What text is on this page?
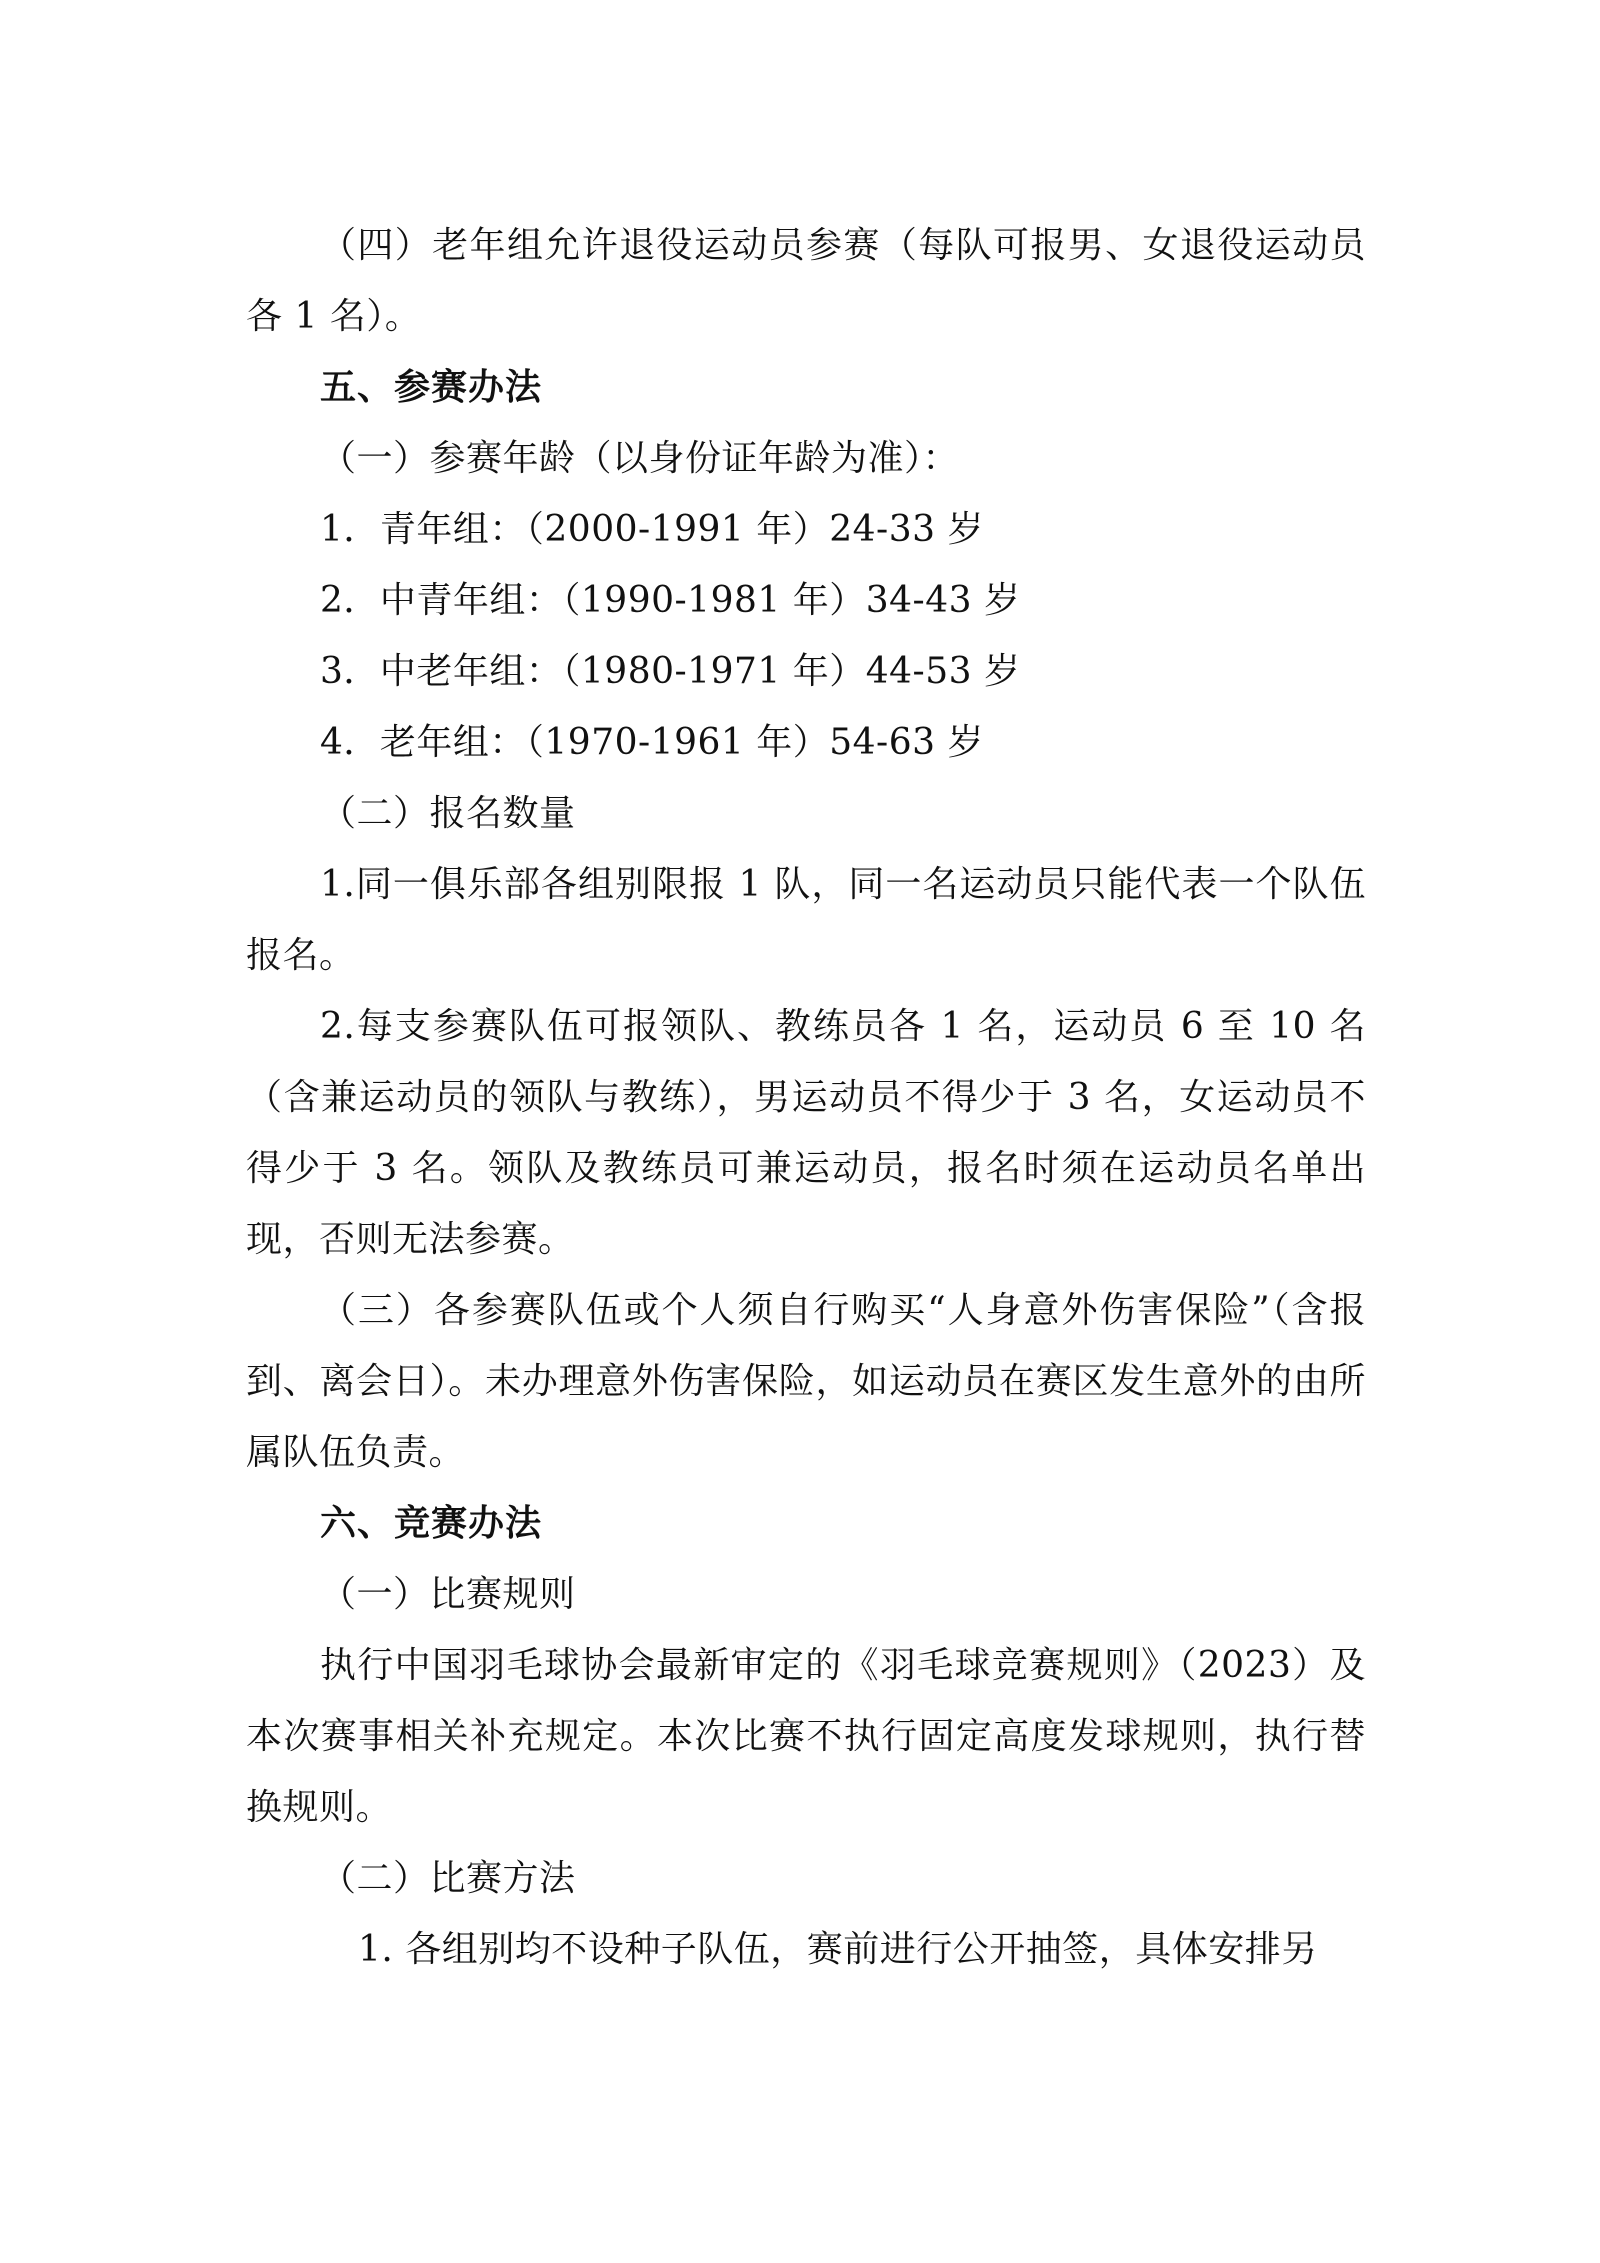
（四）老年组允许退役运动员参赛（每队可报男、女退役运动员各 1 名）。

五、参赛办法

（一）参赛年龄（以身份证年龄为准）：

1．青年组：（2000-1991 年）24-33 岁

2．中青年组：（1990-1981 年）34-43 岁

3．中老年组：（1980-1971 年）44-53 岁

4．老年组：（1970-1961 年）54-63 岁

（二）报名数量

1.同一俱乐部各组别限报 1 队，同一名运动员只能代表一个队伍报名。

2.每支参赛队伍可报领队、教练员各 1 名，运动员 6 至 10 名（含兼运动员的领队与教练），男运动员不得少于 3 名，女运动员不得少于 3 名。领队及教练员可兼运动员，报名时须在运动员名单出现，否则无法参赛。

（三）各参赛队伍或个人须自行购买“人身意外伤害保险”（含报到、离会日）。未办理意外伤害保险，如运动员在赛区发生意外的由所属队伍负责。

六、竞赛办法

（一）比赛规则

执行中国羽毛球协会最新审定的《羽毛球竞赛规则》（2023）及本次赛事相关补充规定。本次比赛不执行固定高度发球规则，执行替换规则。

（二）比赛方法

1. 各组别均不设种子队伍，赛前进行公开抽签，具体安排另
